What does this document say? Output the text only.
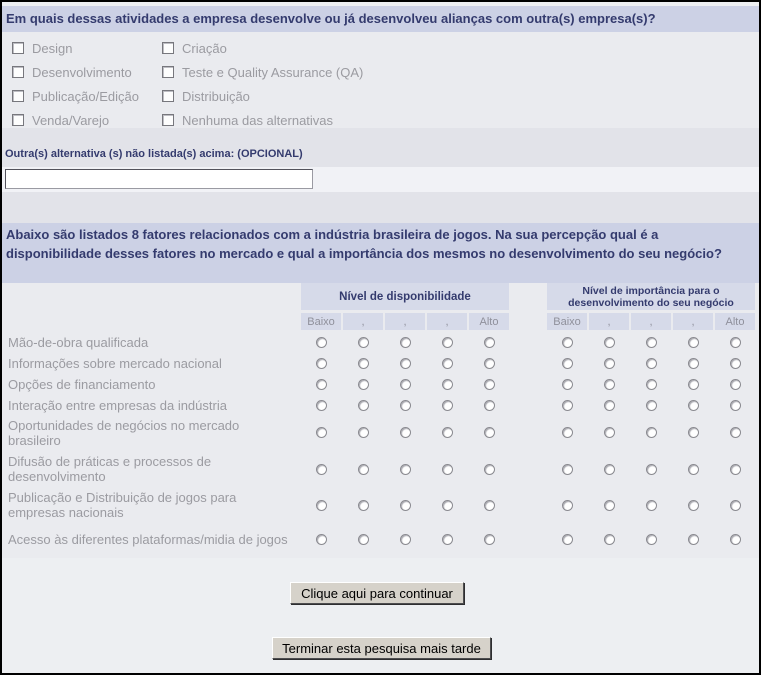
Em quais dessas atividades a empresa desenvolve ou já desenvolveu alianças com outra(s) empresa(s)?
Design	Criação
Desenvolvimento	Teste e Quality Assurance (QA)
Publicação/Edição	Distribuição
Venda/Varejo	Nenhuma das alternativas
Outra(s) alternativa (s) não listada(s) acima: (OPCIONAL)
Abaixo são listados 8 fatores relacionados com a indústria brasileira de jogos. Na sua percepção qual é a disponibilidade desses fatores no mercado e qual a importância dos mesmos no desenvolvimento do seu negócio?
Nível de disponibilidade	Nível de importância para o
desenvolvimento do seu negócio
Baixo	,	,	,	Alto	Baixo	,	,	,	Alto
Mão-de-obra qualificada
Informações sobre mercado nacional
Opções de financiamento
Interação entre empresas da indústria
Oportunidades de negócios no mercado brasileiro
Difusão de práticas e processos de desenvolvimento
Publicação e Distribuição de jogos para empresas nacionais
Acesso às diferentes plataformas/midia de jogos
Clique aqui para continuar
Terminar esta pesquisa mais tarde
